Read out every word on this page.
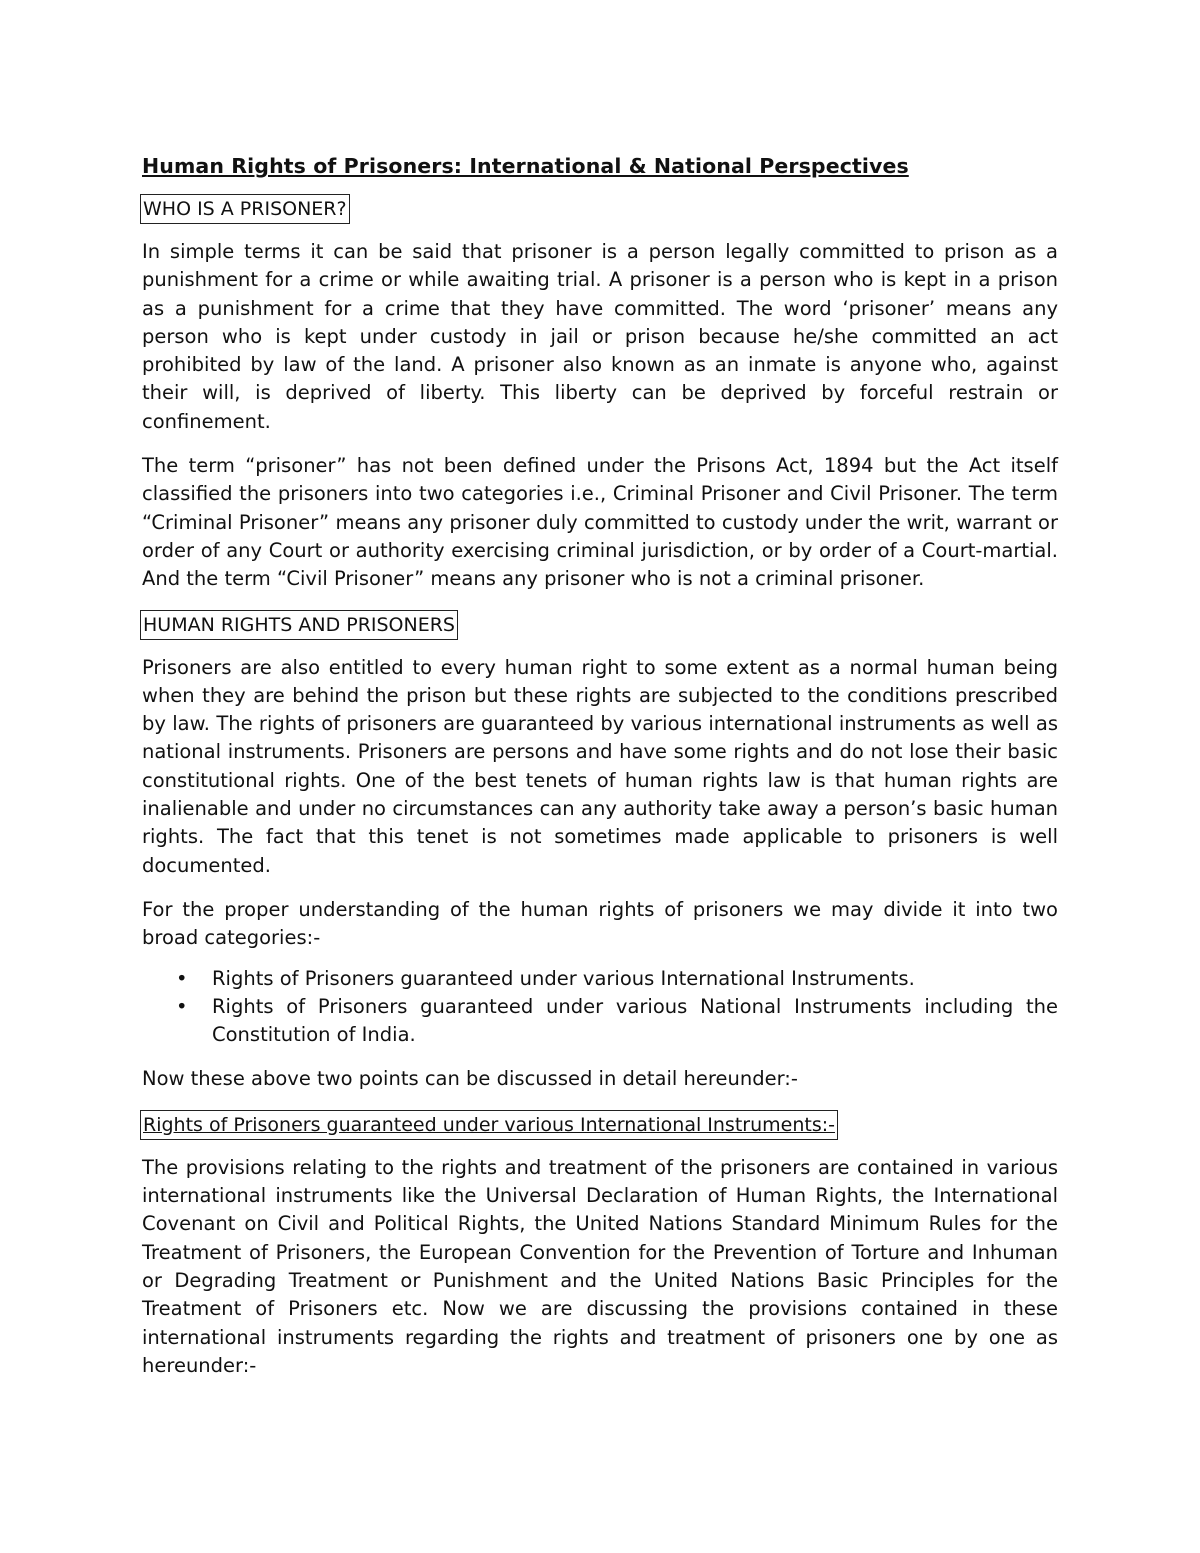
Human Rights of Prisoners: International & National Perspectives
WHO IS A PRISONER?

In simple terms it can be said that prisoner is a person legally committed to prison as a punishment for a crime or while awaiting trial. A prisoner is a person who is kept in a prison as a punishment for a crime that they have committed. The word ‘prisoner’ means any person who is kept under custody in jail or prison because he/she committed an act prohibited by law of the land. A prisoner also known as an inmate is anyone who, against their will, is deprived of liberty. This liberty can be deprived by forceful restrain or confinement.

The term “prisoner” has not been defined under the Prisons Act, 1894 but the Act itself classified the prisoners into two categories i.e., Criminal Prisoner and Civil Prisoner. The term “Criminal Prisoner” means any prisoner duly committed to custody under the writ, warrant or order of any Court or authority exercising criminal jurisdiction, or by order of a Court-martial. And the term “Civil Prisoner” means any prisoner who is not a criminal prisoner.

HUMAN RIGHTS AND PRISONERS

Prisoners are also entitled to every human right to some extent as a normal human being when they are behind the prison but these rights are subjected to the conditions prescribed by law. The rights of prisoners are guaranteed by various international instruments as well as national instruments. Prisoners are persons and have some rights and do not lose their basic constitutional rights. One of the best tenets of human rights law is that human rights are inalienable and under no circumstances can any authority take away a person’s basic human rights. The fact that this tenet is not sometimes made applicable to prisoners is well documented.

For the proper understanding of the human rights of prisoners we may divide it into two broad categories:-

• Rights of Prisoners guaranteed under various International Instruments.
• Rights of Prisoners guaranteed under various National Instruments including the Constitution of India.

Now these above two points can be discussed in detail hereunder:-

Rights of Prisoners guaranteed under various International Instruments:-

The provisions relating to the rights and treatment of the prisoners are contained in various international instruments like the Universal Declaration of Human Rights, the International Covenant on Civil and Political Rights, the United Nations Standard Minimum Rules for the Treatment of Prisoners, the European Convention for the Prevention of Torture and Inhuman or Degrading Treatment or Punishment and the United Nations Basic Principles for the Treatment of Prisoners etc. Now we are discussing the provisions contained in these international instruments regarding the rights and treatment of prisoners one by one as hereunder:-
